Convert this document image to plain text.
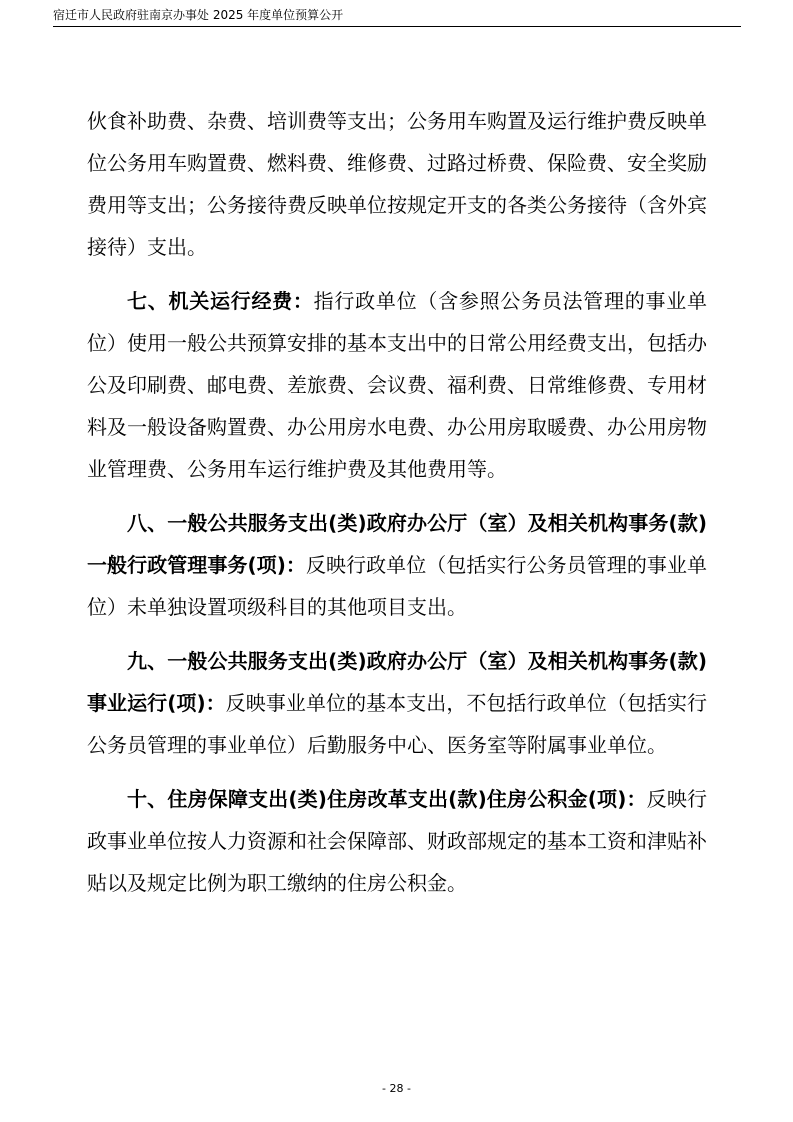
宿迁市人民政府驻南京办事处 2025 年度单位预算公开

伙食补助费、杂费、培训费等支出；公务用车购置及运行维护费反映单位公务用车购置费、燃料费、维修费、过路过桥费、保险费、安全奖励费用等支出；公务接待费反映单位按规定开支的各类公务接待（含外宾接待）支出。

七、机关运行经费：指行政单位（含参照公务员法管理的事业单位）使用一般公共预算安排的基本支出中的日常公用经费支出，包括办公及印刷费、邮电费、差旅费、会议费、福利费、日常维修费、专用材料及一般设备购置费、办公用房水电费、办公用房取暖费、办公用房物业管理费、公务用车运行维护费及其他费用等。

八、一般公共服务支出(类)政府办公厅（室）及相关机构事务(款)一般行政管理事务(项)：反映行政单位（包括实行公务员管理的事业单位）未单独设置项级科目的其他项目支出。

九、一般公共服务支出(类)政府办公厅（室）及相关机构事务(款)事业运行(项)：反映事业单位的基本支出，不包括行政单位（包括实行公务员管理的事业单位）后勤服务中心、医务室等附属事业单位。

十、住房保障支出(类)住房改革支出(款)住房公积金(项)：反映行政事业单位按人力资源和社会保障部、财政部规定的基本工资和津贴补贴以及规定比例为职工缴纳的住房公积金。

- 28 -
